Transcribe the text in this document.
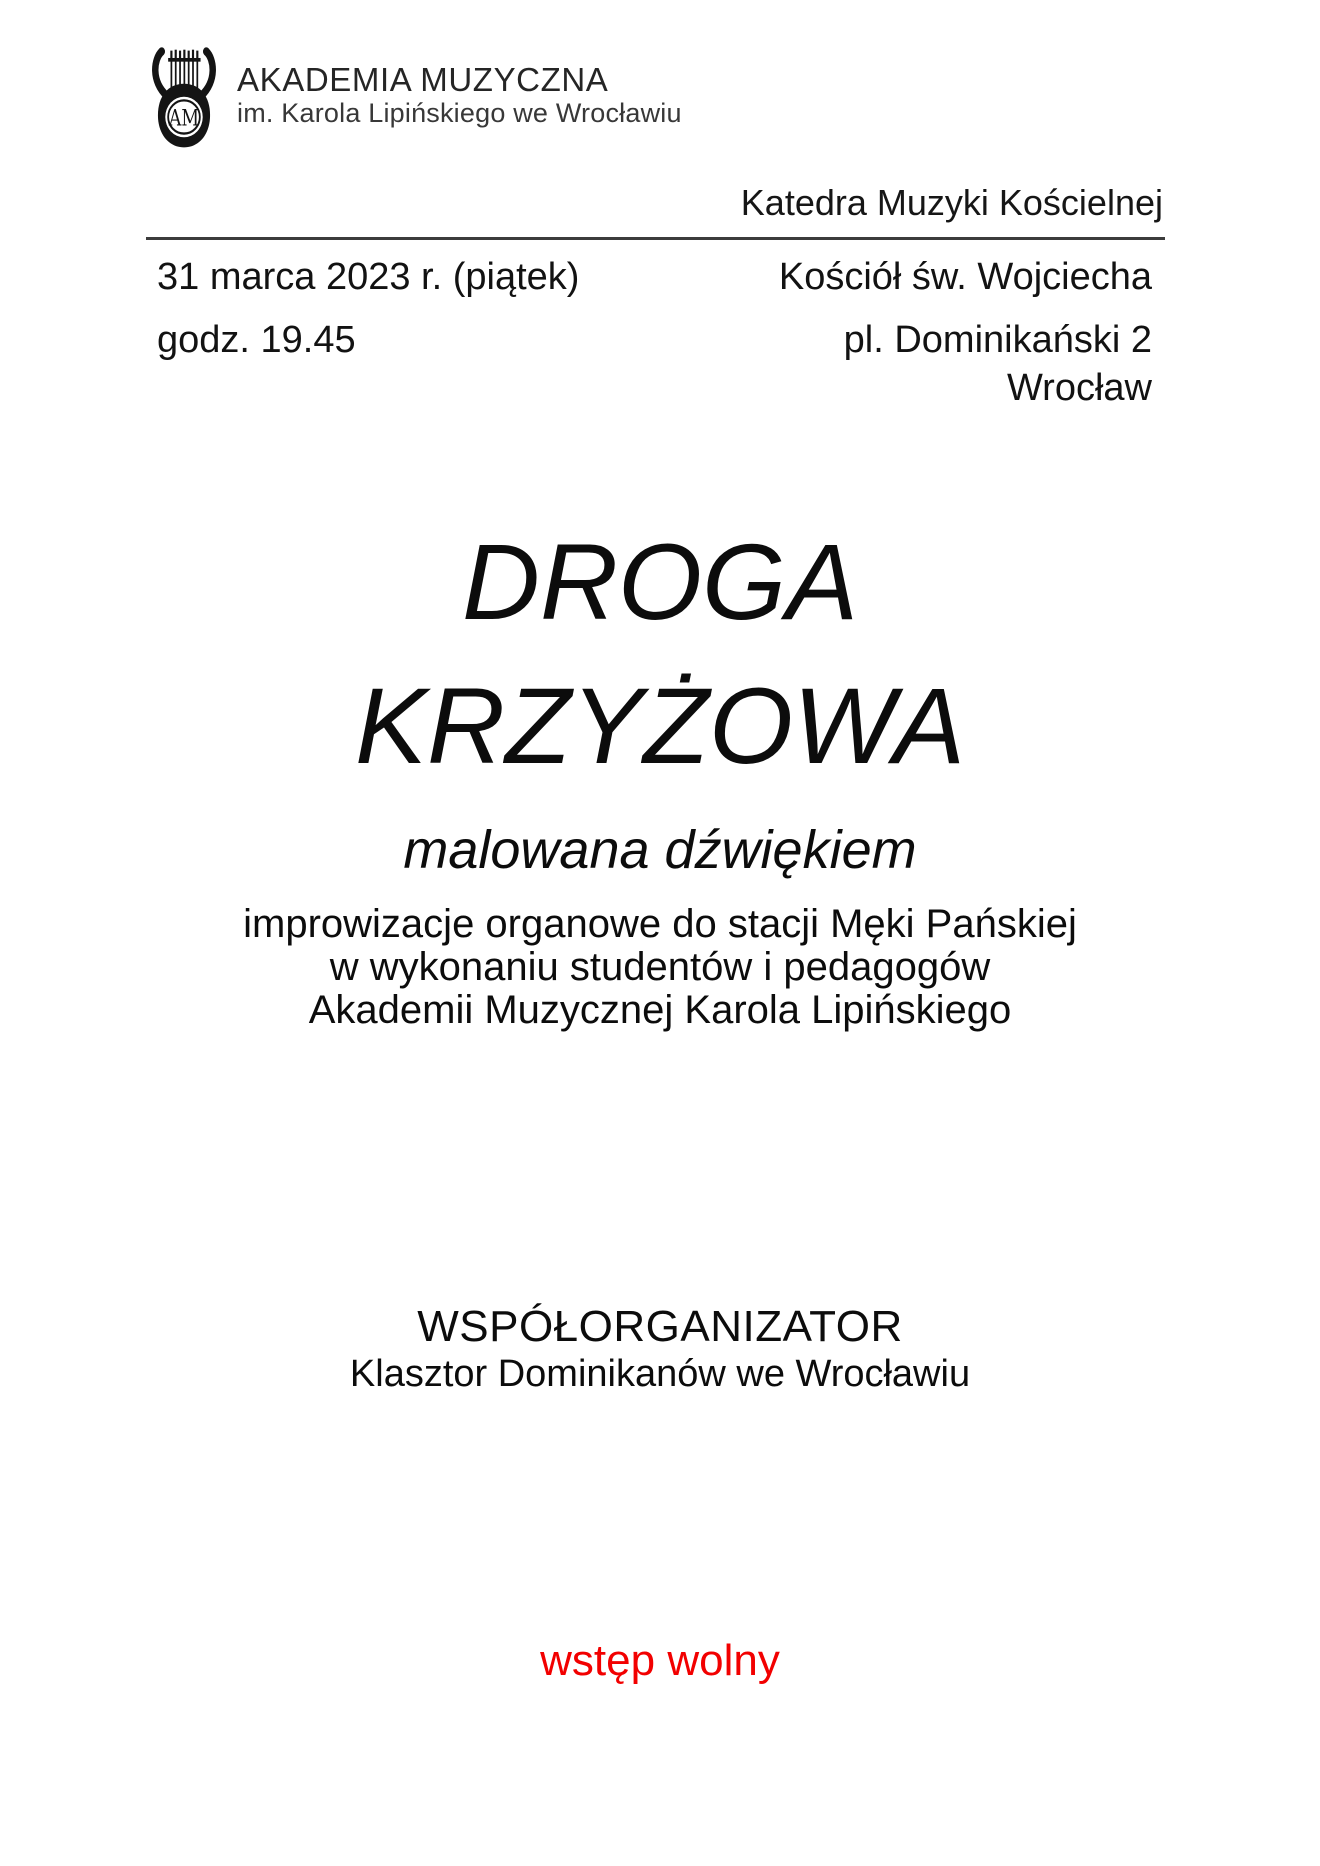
AM
AKADEMIA MUZYCZNA
im. Karola Lipińskiego we Wrocławiu
Katedra Muzyki Kościelnej
31 marca 2023 r. (piątek)
godz. 19.45
Kościół św. Wojciecha
pl. Dominikański 2
Wrocław
DROGA
KRZYŻOWA
malowana dźwiękiem
improwizacje organowe do stacji Męki Pańskiej
w wykonaniu studentów i pedagogów
Akademii Muzycznej Karola Lipińskiego
WSPÓŁORGANIZATOR
Klasztor Dominikanów we Wrocławiu
wstęp wolny
